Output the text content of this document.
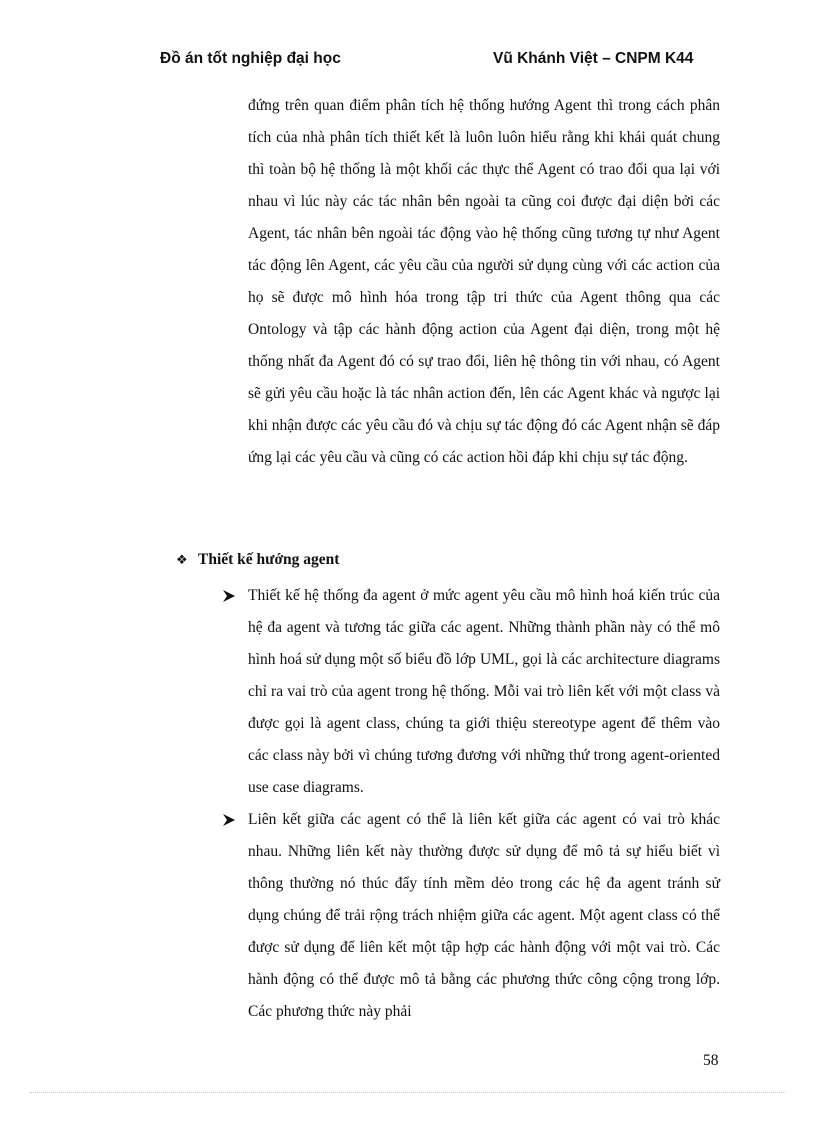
Đồ án tốt nghiệp đại học	Vũ Khánh Việt – CNPM K44

đứng trên quan điểm phân tích hệ thống hướng Agent thì trong cách phân tích của nhà phân tích thiết kết là luôn luôn hiểu rằng khi khái quát chung thì toàn bộ hệ thống là một khối các thực thể Agent có trao đổi qua lại với nhau vì lúc này các tác nhân bên ngoài ta cũng coi được đại diện bởi các Agent, tác nhân bên ngoài tác động vào hệ thống cũng tương tự như Agent tác động lên Agent, các yêu cầu của người sử dụng cùng với các action của họ sẽ được mô hình hóa trong tập tri thức của Agent thông qua các Ontology và tập các hành động action của Agent đại diện, trong một hệ thống nhất đa Agent đó có sự trao đổi, liên hệ thông tin với nhau, có Agent sẽ gửi yêu cầu hoặc là tác nhân action đến, lên các Agent khác và ngược lại khi nhận được các yêu cầu đó và chịu sự tác động đó các Agent nhận sẽ đáp ứng lại các yêu cầu và cũng có các action hồi đáp khi chịu sự tác động.

❖ Thiết kế hướng agent

Thiết kế hệ thống đa agent ở mức agent yêu cầu mô hình hoá kiến trúc của hệ đa agent và tương tác giữa các agent. Những thành phần này có thể mô hình hoá sử dụng một số biểu đồ lớp UML, gọi là các architecture diagrams chỉ ra vai trò của agent trong hệ thống. Mỗi vai trò liên kết với một class và được gọi là agent class, chúng ta giới thiệu stereotype agent để thêm vào các class này bởi vì chúng tương đương với những thứ trong agent-oriented use case diagrams.

Liên kết giữa các agent có thể là liên kết giữa các agent có vai trò khác nhau. Những liên kết này thường được sử dụng để mô tả sự hiểu biết vì thông thường nó thúc đẩy tính mềm dẻo trong các hệ đa agent tránh sử dụng chúng để trải rộng trách nhiệm giữa các agent. Một agent class có thể được sử dụng để liên kết một tập hợp các hành động với một vai trò. Các hành động có thể được mô tả bằng các phương thức công cộng trong lớp. Các phương thức này phải

58
